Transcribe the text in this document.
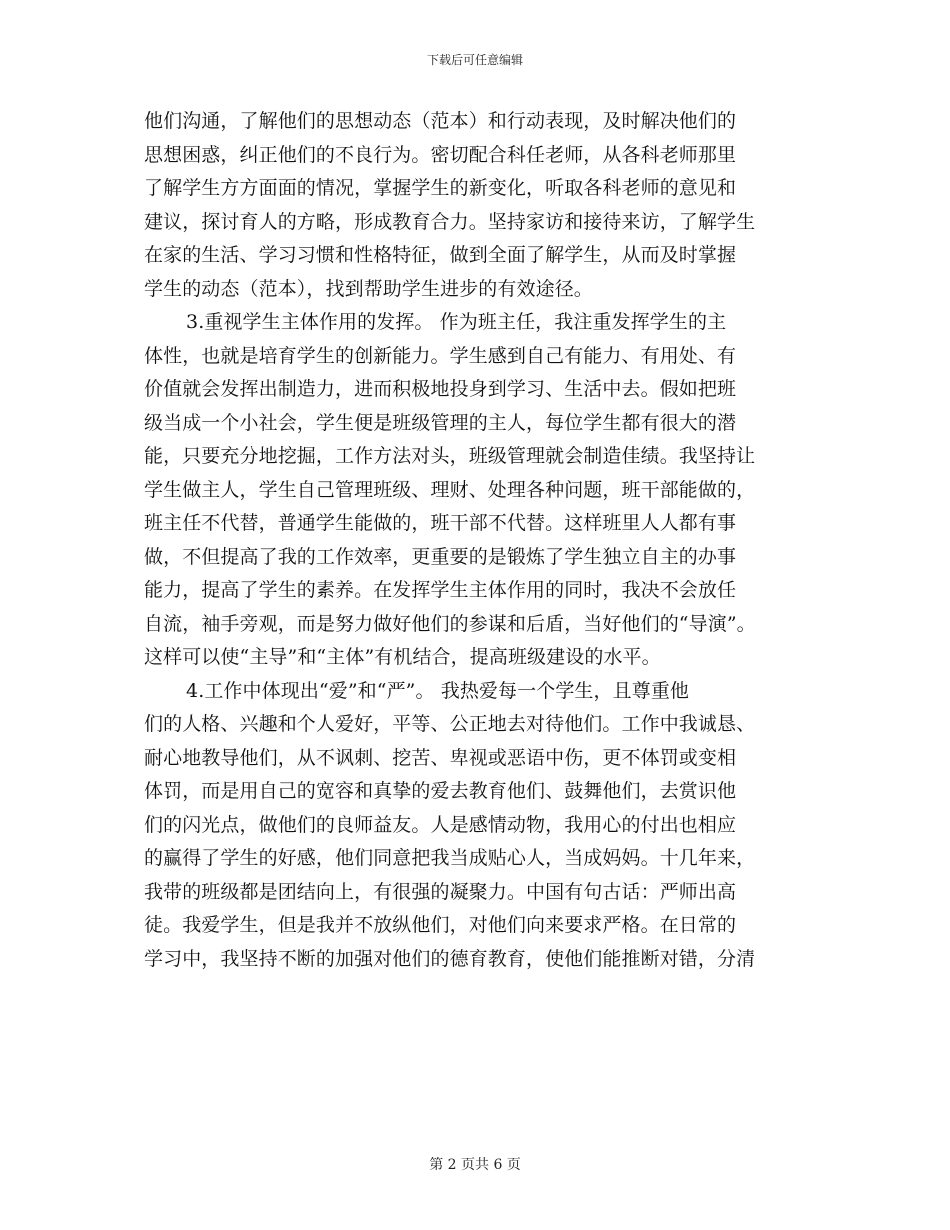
下载后可任意编辑
他们沟通，了解他们的思想动态（范本）和行动表现，及时解决他们的
思想困惑，纠正他们的不良行为。密切配合科任老师，从各科老师那里
了解学生方方面面的情况，掌握学生的新变化，听取各科老师的意见和
建议，探讨育人的方略，形成教育合力。坚持家访和接待来访，了解学生
在家的生活、学习习惯和性格特征，做到全面了解学生，从而及时掌握
学生的动态（范本），找到帮助学生进步的有效途径。
3.重视学生主体作用的发挥。 作为班主任，我注重发挥学生的主
体性，也就是培育学生的创新能力。学生感到自己有能力、有用处、有
价值就会发挥出制造力，进而积极地投身到学习、生活中去。假如把班
级当成一个小社会，学生便是班级管理的主人，每位学生都有很大的潜
能，只要充分地挖掘，工作方法对头，班级管理就会制造佳绩。我坚持让
学生做主人，学生自己管理班级、理财、处理各种问题，班干部能做的，
班主任不代替，普通学生能做的，班干部不代替。这样班里人人都有事
做，不但提高了我的工作效率，更重要的是锻炼了学生独立自主的办事
能力，提高了学生的素养。在发挥学生主体作用的同时，我决不会放任
自流，袖手旁观，而是努力做好他们的参谋和后盾，当好他们的“导演”。
这样可以使“主导”和“主体”有机结合，提高班级建设的水平。
4.工作中体现出“爱”和“严”。 我热爱每一个学生，且尊重他
们的人格、兴趣和个人爱好，平等、公正地去对待他们。工作中我诚恳、
耐心地教导他们，从不讽刺、挖苦、卑视或恶语中伤，更不体罚或变相
体罚，而是用自己的宽容和真挚的爱去教育他们、鼓舞他们，去赏识他
们的闪光点，做他们的良师益友。人是感情动物，我用心的付出也相应
的赢得了学生的好感，他们同意把我当成贴心人，当成妈妈。十几年来，
我带的班级都是团结向上，有很强的凝聚力。中国有句古话：严师出高
徒。我爱学生，但是我并不放纵他们，对他们向来要求严格。在日常的
学习中，我坚持不断的加强对他们的德育教育，使他们能推断对错，分清
第 2 页共 6 页
